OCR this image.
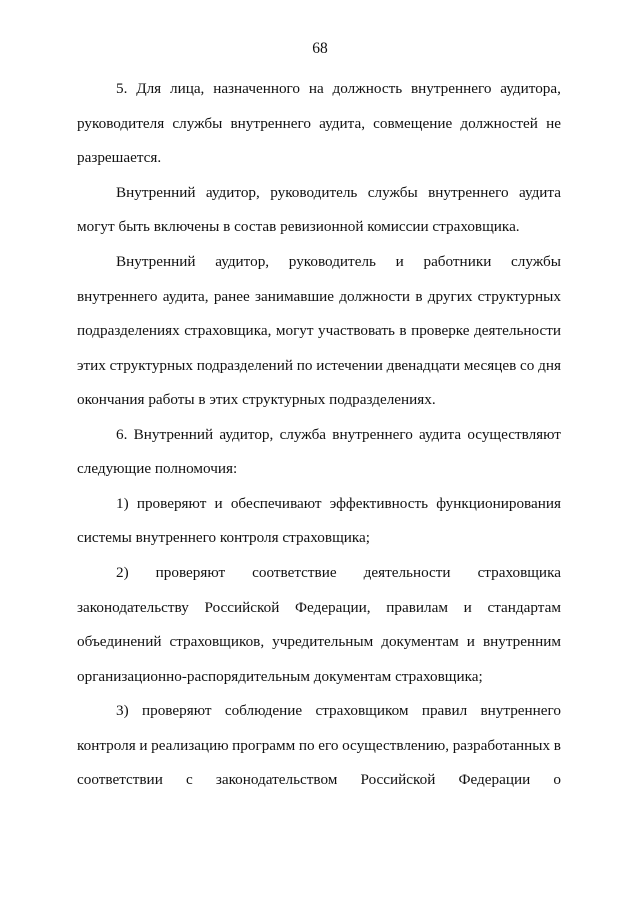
68
5. Для лица, назначенного на должность внутреннего аудитора,
руководителя службы внутреннего аудита, совмещение должностей не
разрешается.
Внутренний аудитор, руководитель службы внутреннего аудита
могут быть включены в состав ревизионной комиссии страховщика.
Внутренний аудитор, руководитель и работники службы
внутреннего аудита, ранее занимавшие должности в других структурных
подразделениях страховщика, могут участвовать в проверке деятельности
этих структурных подразделений по истечении двенадцати месяцев со дня
окончания работы в этих структурных подразделениях.
6. Внутренний аудитор, служба внутреннего аудита осуществляют
следующие полномочия:
1) проверяют и обеспечивают эффективность функционирования
системы внутреннего контроля страховщика;
2) проверяют соответствие деятельности страховщика
законодательству Российской Федерации, правилам и стандартам
объединений страховщиков, учредительным документам и внутренним
организационно-распорядительным документам страховщика;
3) проверяют соблюдение страховщиком правил внутреннего
контроля и реализацию программ по его осуществлению, разработанных в
соответствии с законодательством Российской Федерации о
